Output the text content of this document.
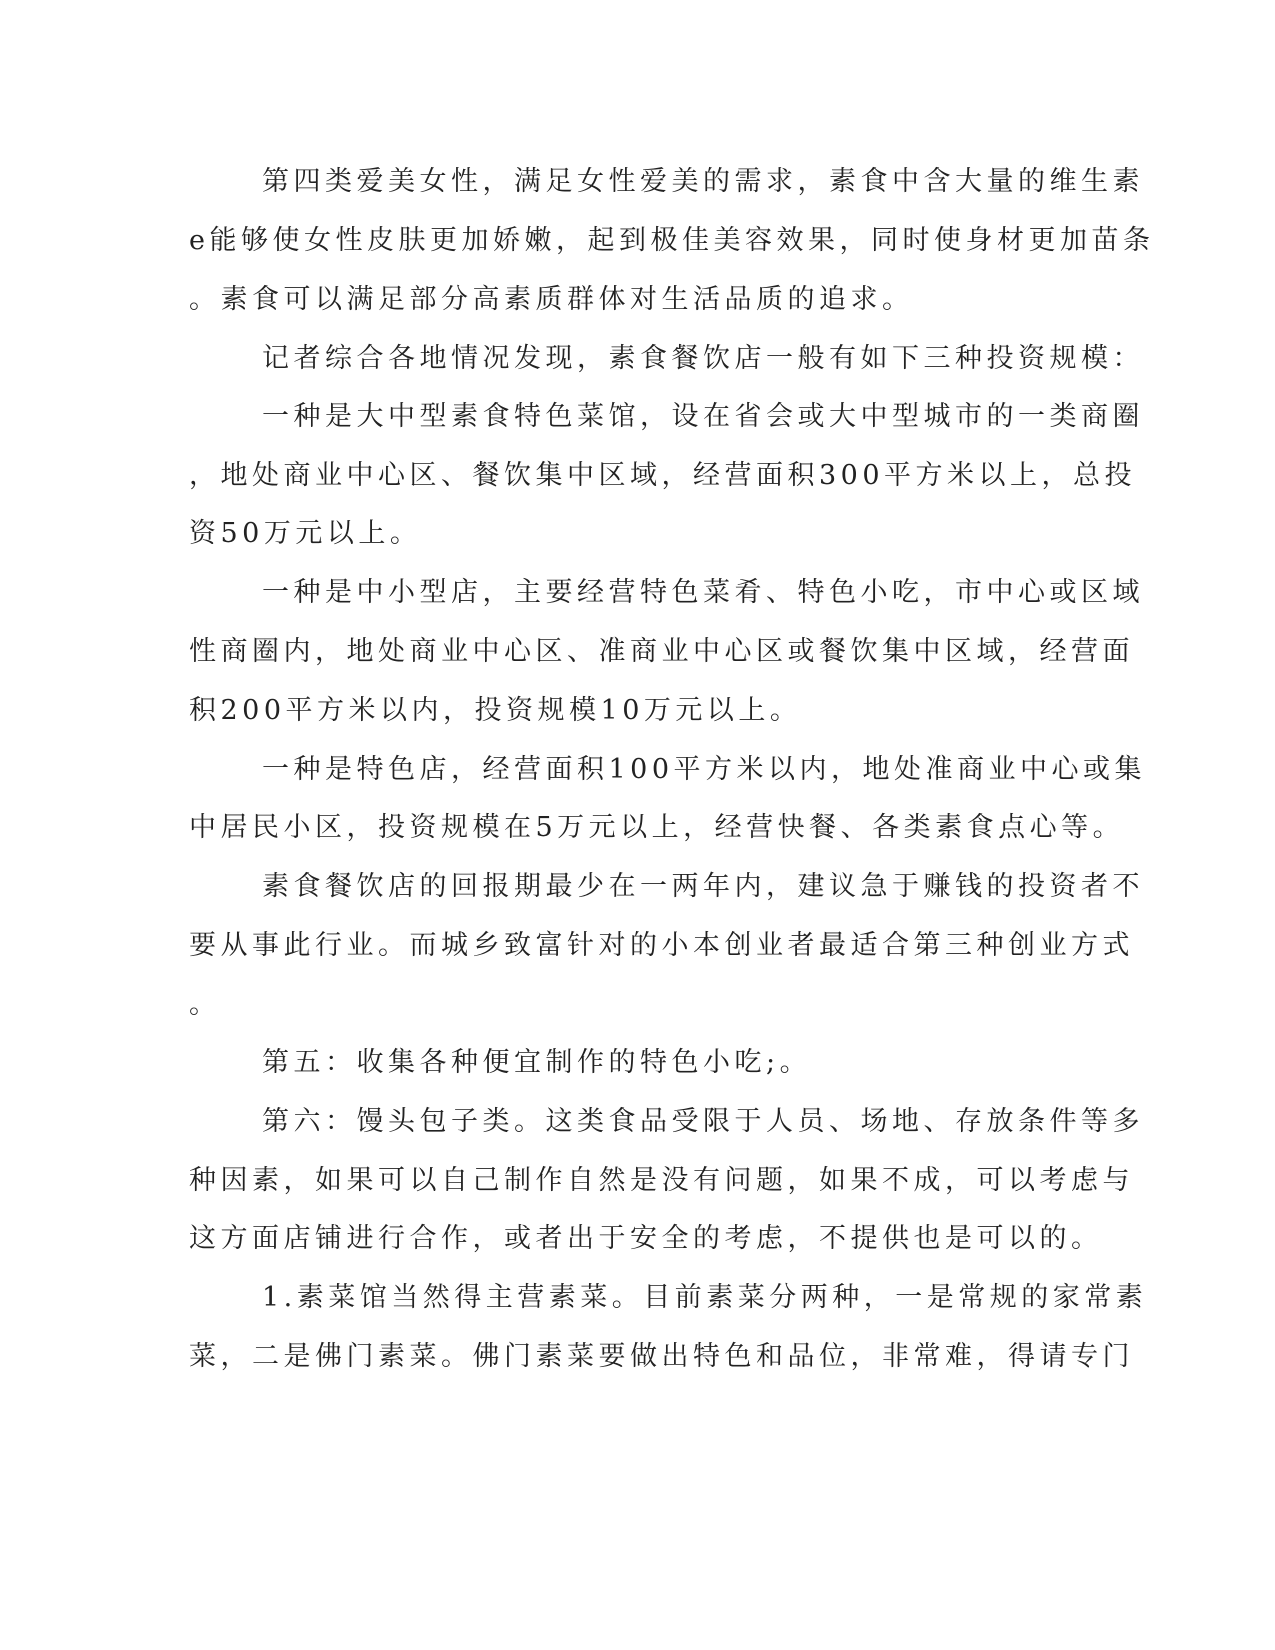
第四类爱美女性，满足女性爱美的需求，素食中含大量的维生素
e能够使女性皮肤更加娇嫩，起到极佳美容效果，同时使身材更加苗条
。素食可以满足部分高素质群体对生活品质的追求。
记者综合各地情况发现，素食餐饮店一般有如下三种投资规模：
一种是大中型素食特色菜馆，设在省会或大中型城市的一类商圈
，地处商业中心区、餐饮集中区域，经营面积300平方米以上，总投
资50万元以上。
一种是中小型店，主要经营特色菜肴、特色小吃，市中心或区域
性商圈内，地处商业中心区、准商业中心区或餐饮集中区域，经营面
积200平方米以内，投资规模10万元以上。
一种是特色店，经营面积100平方米以内，地处准商业中心或集
中居民小区，投资规模在5万元以上，经营快餐、各类素食点心等。
素食餐饮店的回报期最少在一两年内，建议急于赚钱的投资者不
要从事此行业。而城乡致富针对的小本创业者最适合第三种创业方式
。
第五：收集各种便宜制作的特色小吃;。
第六：馒头包子类。这类食品受限于人员、场地、存放条件等多
种因素，如果可以自己制作自然是没有问题，如果不成，可以考虑与
这方面店铺进行合作，或者出于安全的考虑，不提供也是可以的。
1.素菜馆当然得主营素菜。目前素菜分两种，一是常规的家常素
菜，二是佛门素菜。佛门素菜要做出特色和品位，非常难，得请专门
